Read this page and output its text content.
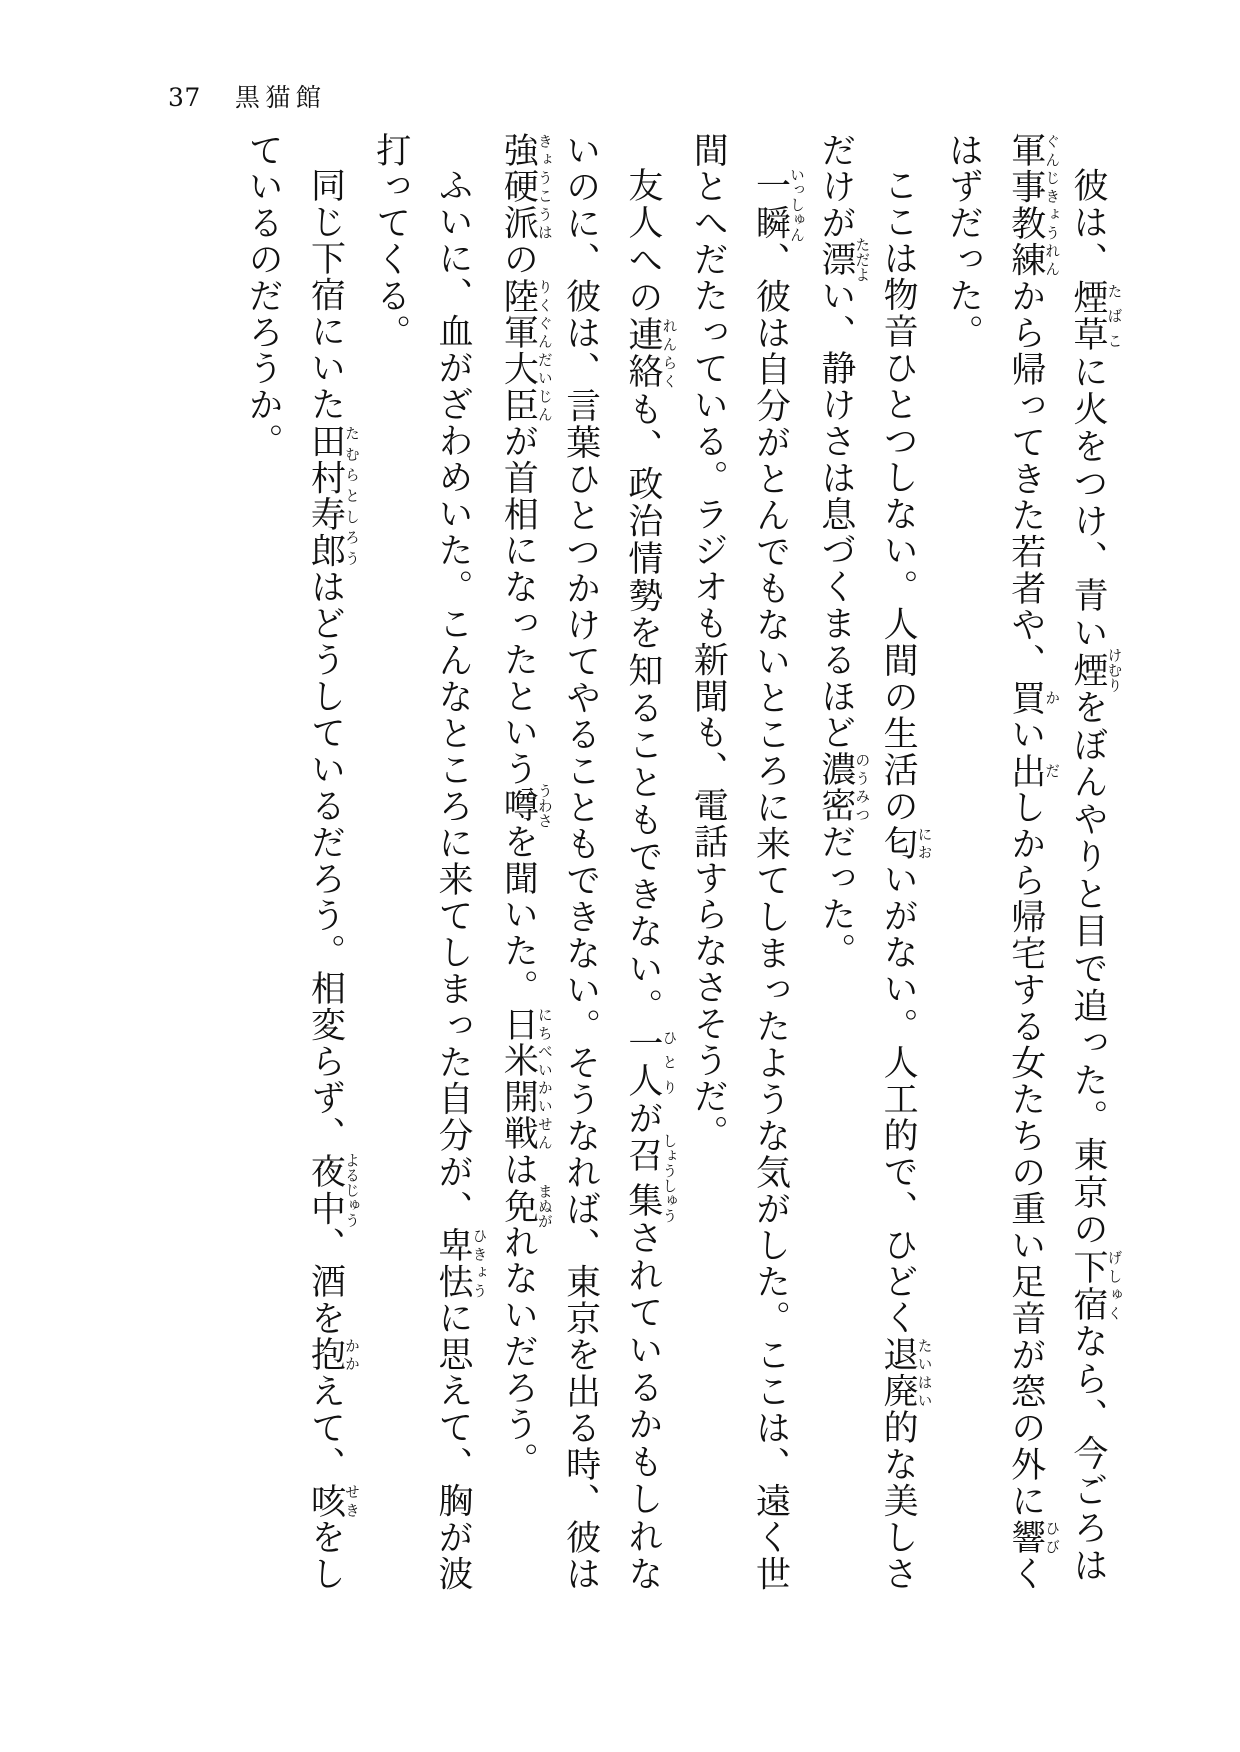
37 黒猫館

彼は、煙草たばこに火をつけ、青い煙けむりをぼんやりと目で追った。東京の下宿げしゅくなら、今ごろは軍事教練ぐんじきょうれんから帰ってきた若者や、買かい出だしから帰宅する女たちの重い足音が窓の外に響ひびくはずだった。

ここは物音ひとつしない。人間の生活の匂においがない。人工的で、ひどく退廃たいはい的な美しさだけが漂ただよい、静けさは息づくまるほど濃密のうみつだった。

一瞬いっしゅん、彼は自分がとんでもないところに来てしまったような気がした。ここは、遠く世間とへだたっている。ラジオも新聞も、電話すらなさそうだ。

友人への連絡れんらくも、政治情勢を知ることもできない。一人ひとりが召集しょうしゅうされているかもしれないのに、彼は、言葉ひとつかけてやることもできない。そうなれば、東京を出る時、彼は強硬派きょうこうはの陸軍大臣りくぐんだいじんが首相になったという噂うわさを聞いた。日米開戦にちべいかいせんは免まぬがれないだろう。

ふいに、血がざわめいた。こんなところに来てしまった自分が、卑怯ひきょうに思えて、胸が波打ってくる。

同じ下宿にいた田村寿郎たむらとしろうはどうしているだろう。相変らず、夜中よるじゅう、酒を抱かかえて、咳せきをしているのだろうか。
